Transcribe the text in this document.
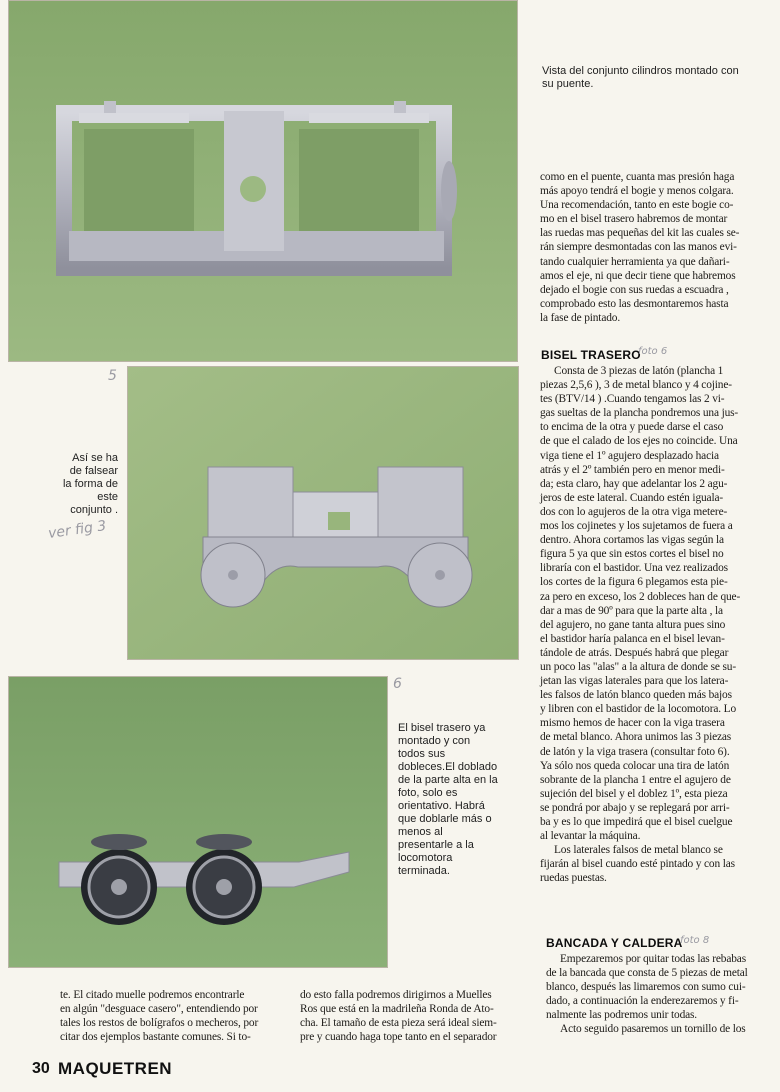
Vista del conjunto cilindros montado con su puente.
5
Así se ha
de falsear
la forma de
este
conjunto .
ver fig 3
6
El bisel trasero ya
montado y con
todos sus
dobleces.El doblado
de la parte alta en la
foto, solo es
orientativo. Habrá
que doblarle más o
menos al
presentarle a la
locomotora
terminada.

como en el puente, cuanta mas presión haga

más apoyo tendrá el bogie y menos colgara.

Una recomendación, tanto en este bogie co-

mo en el bisel trasero habremos de montar

las ruedas mas pequeñas del kit las cuales se-

rán siempre desmontadas con las manos evi-

tando cualquier herramienta ya que dañari-

amos el eje, ni que decir tiene que habremos

dejado el bogie con sus ruedas a escuadra ,

comprobado esto las desmontaremos hasta

la fase de pintado.

BISEL TRASERO
foto 6

Consta de 3 piezas de latón (plancha 1

piezas 2,5,6 ), 3 de metal blanco y 4 cojine-

tes (BTV/14 ) .Cuando tengamos las 2 vi-

gas sueltas de la plancha pondremos una jus-

to encima de la otra y puede darse el caso

de que el calado de los ejes no coincide. Una

viga tiene el 1º agujero desplazado hacia

atrás y el 2º también pero en menor medi-

da; esta claro, hay que adelantar los 2 agu-

jeros de este lateral. Cuando estén iguala-

dos con lo agujeros de la otra viga metere-

mos los cojinetes y los sujetamos de fuera a

dentro. Ahora cortamos las vigas según la

figura 5 ya que sin estos cortes el bisel no

libraría con el bastidor. Una vez realizados

los cortes de la figura 6 plegamos esta pie-

za pero en exceso, los 2 dobleces han de que-

dar a mas de 90º para que la parte alta , la

del agujero, no gane tanta altura pues sino

el bastidor haría palanca en el bisel levan-

tándole de atrás. Después habrá que plegar

un poco las "alas" a la altura de donde se su-

jetan las vigas laterales para que los latera-

les falsos de latón blanco queden más bajos

y libren con el bastidor de la locomotora. Lo

mismo hemos de hacer con la viga trasera

de metal blanco. Ahora unimos las 3 piezas

de latón y la viga trasera (consultar foto 6).

Ya sólo nos queda colocar una tira de latón

sobrante de la plancha 1 entre el agujero de

sujeción del bisel y el doblez 1º, esta pieza

se pondrá por abajo y se replegará por arri-

ba y es lo que impedirá que el bisel cuelgue

al levantar la máquina.

Los laterales falsos de metal blanco se

fijarán al bisel cuando esté pintado y con las

ruedas puestas.

BANCADA Y CALDERA
foto 8

Empezaremos por quitar todas las rebabas

de la bancada que consta de 5 piezas de metal

blanco, después las limaremos con sumo cui-

dado, a continuación la enderezaremos y fi-

nalmente las podremos unir todas.

Acto seguido pasaremos un tornillo de los

te. El citado muelle podremos encontrarle

en algún "desguace casero", entendiendo por

tales los restos de bolígrafos o mecheros, por

citar dos ejemplos bastante comunes. Si to-

do esto falla podremos dirigirnos a Muelles

Ros que está en la madrileña Ronda de Ato-

cha. El tamaño de esta pieza será ideal siem-

pre y cuando haga tope tanto en el separador

30 MAQUETREN
